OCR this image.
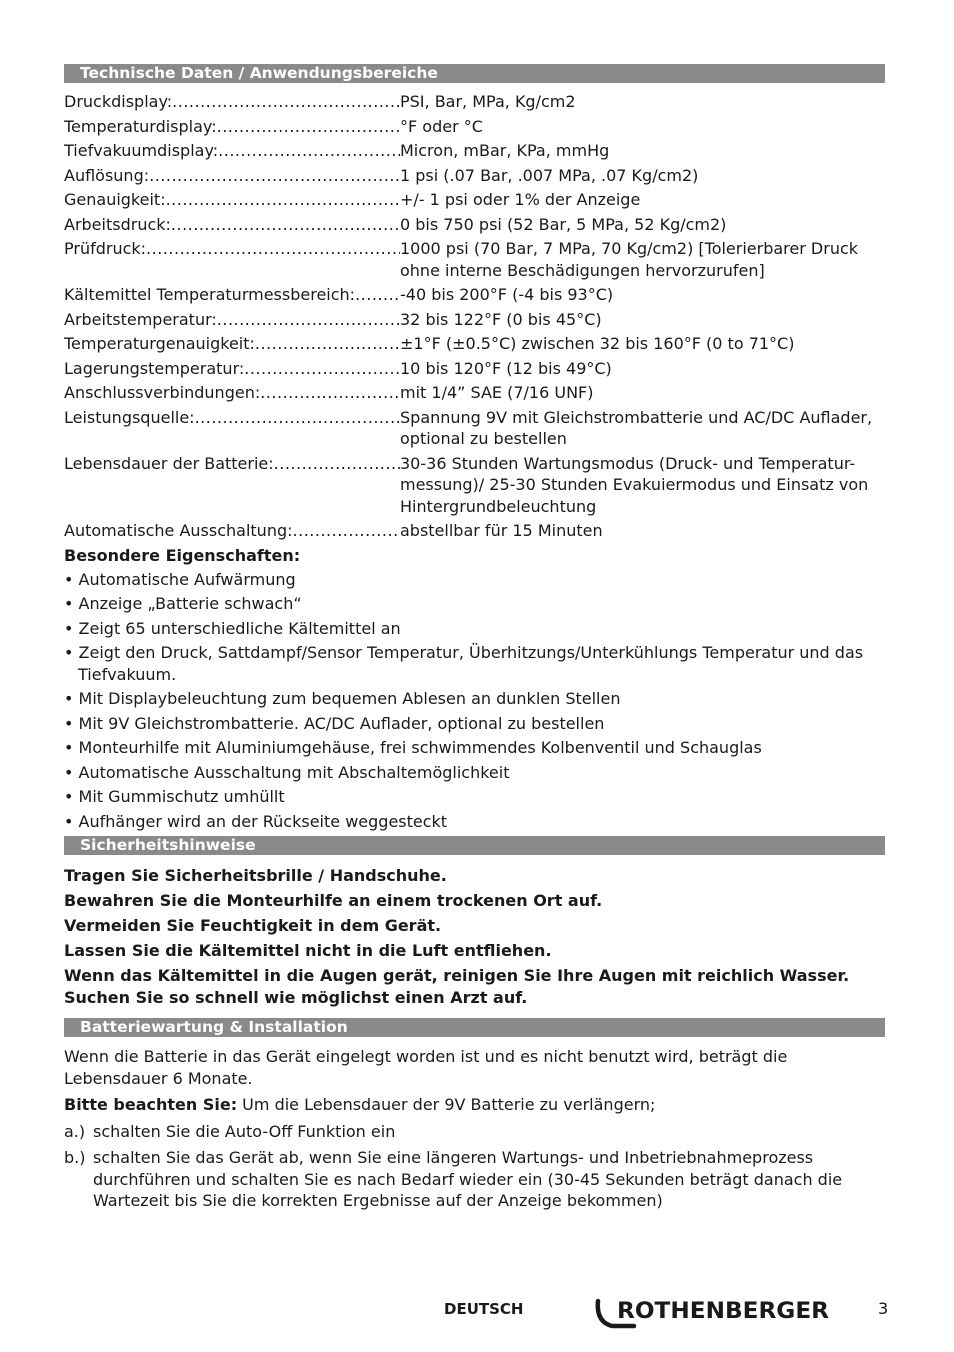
Technische Daten / Anwendungsbereiche
Druckdisplay: .....	PSI, Bar, MPa, Kg/cm2
Temperaturdisplay: .....	°F oder °C
Tiefvakuumdisplay: .....	Micron, mBar, KPa, mmHg
Auflösung: .....	1 psi (.07 Bar, .007 MPa, .07 Kg/cm2)
Genauigkeit: .....	+/- 1 psi oder 1% der Anzeige
Arbeitsdruck: .....	0 bis 750 psi (52 Bar, 5 MPa, 52 Kg/cm2)
Prüfdruck: .....	1000 psi (70 Bar, 7 MPa, 70 Kg/cm2) [Tolerierbarer Druck ohne interne Beschädigungen hervorzurufen]
Kältemittel Temperaturmessbereich: .....	-40 bis 200°F (-4 bis 93°C)
Arbeitstemperatur: .....	32 bis 122°F (0 bis 45°C)
Temperaturgenauigkeit: .....	±1°F (±0.5°C) zwischen 32 bis 160°F (0 to 71°C)
Lagerungstemperatur: .....	10 bis 120°F (12 bis 49°C)
Anschlussverbindungen: .....	mit 1/4” SAE (7/16 UNF)
Leistungsquelle: .....	Spannung 9V mit Gleichstrombatterie und AC/DC Auflader, optional zu bestellen
Lebensdauer der Batterie: .....	30-36 Stunden Wartungsmodus (Druck- und Temperatur-messung)/ 25-30 Stunden Evakuiermodus und Einsatz von Hintergrundbeleuchtung
Automatische Ausschaltung: .....	abstellbar für 15 Minuten
Besondere Eigenschaften:
• Automatische Aufwärmung
• Anzeige „Batterie schwach“
• Zeigt 65 unterschiedliche Kältemittel an
• Zeigt den Druck, Sattdampf/Sensor Temperatur, Überhitzungs/Unterkühlungs Temperatur und das Tiefvakuum.
• Mit Displaybeleuchtung zum bequemen Ablesen an dunklen Stellen
• Mit 9V Gleichstrombatterie. AC/DC Auflader, optional zu bestellen
• Monteurhilfe mit Aluminiumgehäuse, frei schwimmendes Kolbenventil und Schauglas
• Automatische Ausschaltung mit Abschaltemöglichkeit
• Mit Gummischutz umhüllt
• Aufhänger wird an der Rückseite weggesteckt
Sicherheitshinweise
Tragen Sie Sicherheitsbrille / Handschuhe.
Bewahren Sie die Monteurhilfe an einem trockenen Ort auf.
Vermeiden Sie Feuchtigkeit in dem Gerät.
Lassen Sie die Kältemittel nicht in die Luft entfliehen.
Wenn das Kältemittel in die Augen gerät, reinigen Sie Ihre Augen mit reichlich Wasser. Suchen Sie so schnell wie möglichst einen Arzt auf.
Batteriewartung & Installation
Wenn die Batterie in das Gerät eingelegt worden ist und es nicht benutzt wird, beträgt die Lebensdauer 6 Monate.
Bitte beachten Sie: Um die Lebensdauer der 9V Batterie zu verlängern;
a.) schalten Sie die Auto-Off Funktion ein
b.) schalten Sie das Gerät ab, wenn Sie eine längeren Wartungs- und Inbetriebnahmeprozess durchführen und schalten Sie es nach Bedarf wieder ein (30-45 Sekunden beträgt danach die Wartezeit bis Sie die korrekten Ergebnisse auf der Anzeige bekommen)
DEUTSCH	ROTHENBERGER	3
